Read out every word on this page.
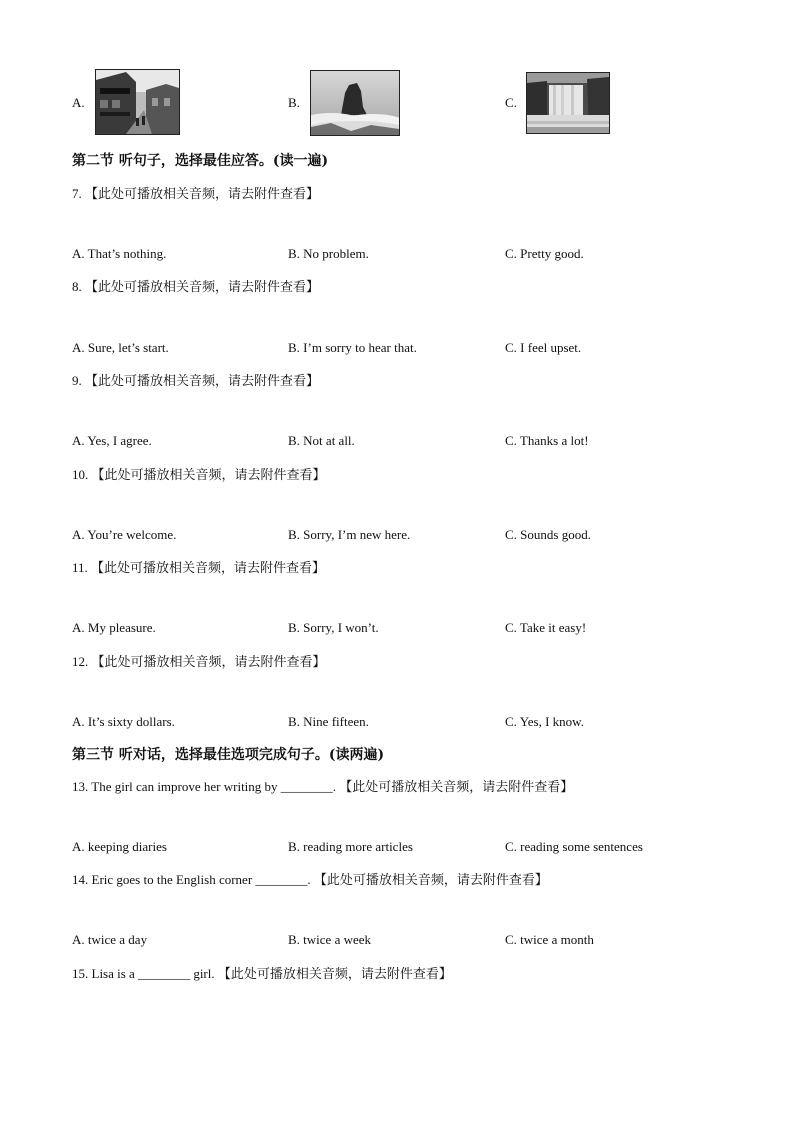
A.	B.	C.
第二节 听句子，选择最佳应答。(读一遍)
7. 【此处可播放相关音频，请去附件查看】
A. That’s nothing.	B. No problem.	C. Pretty good.
8. 【此处可播放相关音频，请去附件查看】
A. Sure, let’s start.	B. I’m sorry to hear that.	C. I feel upset.
9. 【此处可播放相关音频，请去附件查看】
A. Yes, I agree.	B. Not at all.	C. Thanks a lot!
10. 【此处可播放相关音频，请去附件查看】
A. You’re welcome.	B. Sorry, I’m new here.	C. Sounds good.
11. 【此处可播放相关音频，请去附件查看】
A. My pleasure.	B. Sorry, I won’t.	C. Take it easy!
12. 【此处可播放相关音频，请去附件查看】
A. It’s sixty dollars.	B. Nine fifteen.	C. Yes, I know.
第三节 听对话，选择最佳选项完成句子。(读两遍)
13. The girl can improve her writing by ________. 【此处可播放相关音频，请去附件查看】
A. keeping diaries	B. reading more articles	C. reading some sentences
14. Eric goes to the English corner ________. 【此处可播放相关音频，请去附件查看】
A. twice a day	B. twice a week	C. twice a month
15. Lisa is a ________ girl. 【此处可播放相关音频，请去附件查看】
